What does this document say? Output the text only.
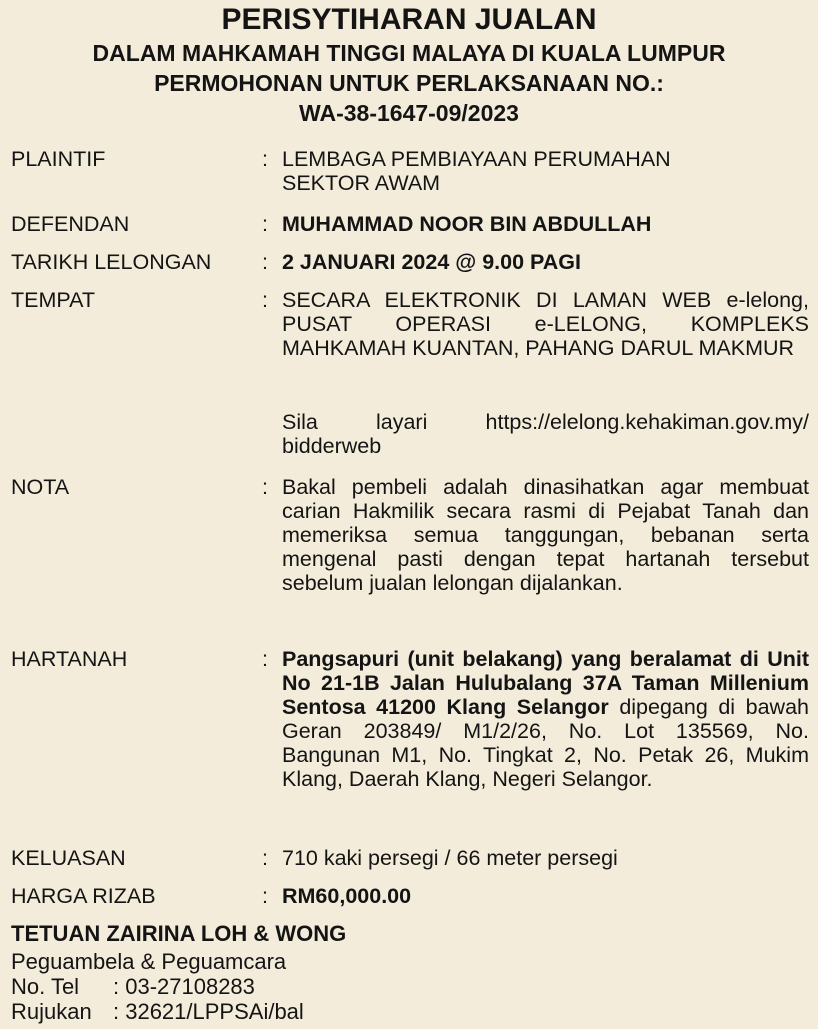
PERISYTIHARAN JUALAN
DALAM MAHKAMAH TINGGI MALAYA DI KUALA LUMPUR
PERMOHONAN UNTUK PERLAKSANAAN NO.:
WA-38-1647-09/2023
PLAINTIF	: LEMBAGA PEMBIAYAAN PERUMAHAN
SEKTOR AWAM
DEFENDAN	: MUHAMMAD NOOR BIN ABDULLAH
TARIKH LELONGAN : 2 JANUARI 2024 @ 9.00 PAGI
TEMPAT	: SECARA ELEKTRONIK DI LAMAN WEB e-lelong, PUSAT OPERASI e-LELONG, KOMPLEKS MAHKAMAH KUANTAN, PAHANG DARUL MAKMUR
Sila layari https://elelong.kehakiman.gov.my/
bidderweb
NOTA	: Bakal pembeli adalah dinasihatkan agar membuat carian Hakmilik secara rasmi di Pejabat Tanah dan memeriksa semua tanggungan, bebanan serta mengenal pasti dengan tepat hartanah tersebut sebelum jualan lelongan dijalankan.
HARTANAH	: Pangsapuri (unit belakang) yang beralamat di Unit No 21-1B Jalan Hulubalang 37A Taman Millenium Sentosa 41200 Klang Selangor dipegang di bawah Geran 203849/ M1/2/26, No. Lot 135569, No. Bangunan M1, No. Tingkat 2, No. Petak 26, Mukim Klang, Daerah Klang, Negeri Selangor.
KELUASAN	: 710 kaki persegi / 66 meter persegi
HARGA RIZAB	: RM60,000.00
TETUAN ZAIRINA LOH & WONG
Peguambela & Peguamcara
No. Tel : 03-27108283
Rujukan : 32621/LPPSAi/bal
